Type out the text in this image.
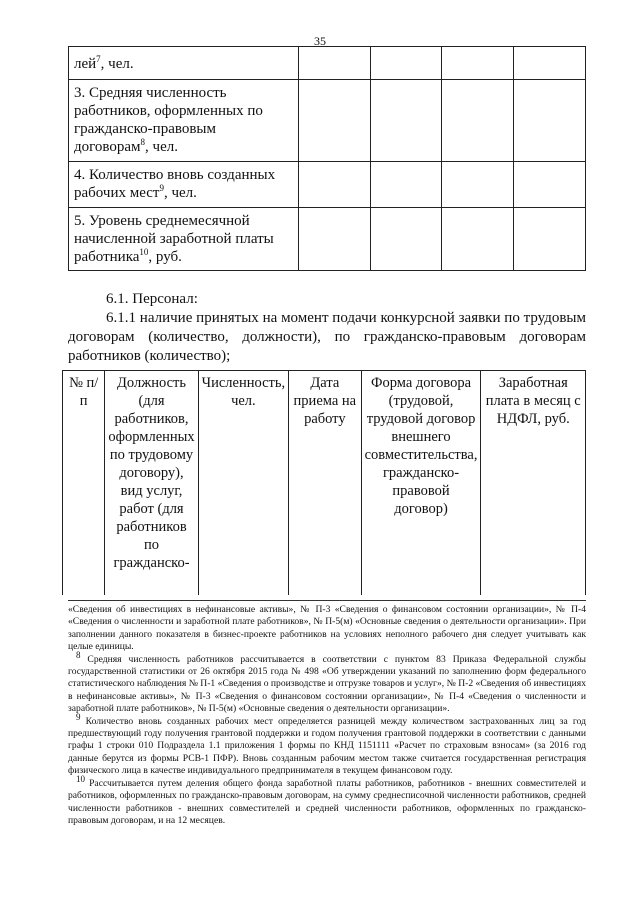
35
лей$^7$, чел.				
3. Средняя численность работников, оформленных по гражданско-правовым договорам$^8$, чел.				
4. Количество вновь созданных рабочих мест$^9$, чел.				
5. Уровень среднемесячной начисленной заработной платы работника$^{10}$, руб.				
6.1. Персонал:
6.1.1 наличие принятых на момент подачи конкурсной заявки по трудовым договорам (количество, должности), по гражданско-правовым договорам работников (количество);
№ п/п	Должность (для работников, оформленных по трудовому договору), вид услуг, работ (для работников по гражданско-	Численность, чел.	Дата приема на работу	Форма договора (трудовой, трудовой договор внешнего совместительства, гражданско-правовой договор)	Заработная плата в месяц с НДФЛ, руб.

«Сведения об инвестициях в нефинансовые активы», № П-3 «Сведения о финансовом состоянии организации», № П-4 «Сведения о численности и заработной плате работников», № П-5(м) «Основные сведения о деятельности организации». При заполнении данного показателя в бизнес-проекте работников на условиях неполного рабочего дня следует учитывать как целые единицы.

$^8$ Средняя численность работников рассчитывается в соответствии с пунктом 83 Приказа Федеральной службы государственной статистики от 26 октября 2015 года № 498 «Об утверждении указаний по заполнению форм федерального статистического наблюдения № П-1 «Сведения о производстве и отгрузке товаров и услуг», № П-2 «Сведения об инвестициях в нефинансовые активы», № П-3 «Сведения о финансовом состоянии организации», № П-4 «Сведения о численности и заработной плате работников», № П-5(м) «Основные сведения о деятельности организации».

$^9$ Количество вновь созданных рабочих мест определяется разницей между количеством застрахованных лиц за год предшествующий году получения грантовой поддержки и годом получения грантовой поддержки в соответствии с данными графы 1 строки 010 Подраздела 1.1 приложения 1 формы по КНД 1151111 «Расчет по страховым взносам» (за 2016 год данные берутся из формы РСВ-1 ПФР). Вновь созданным рабочим местом также считается государственная регистрация физического лица в качестве индивидуального предпринимателя в текущем финансовом году.

$^{10}$ Рассчитывается путем деления общего фонда заработной платы работников, работников - внешних совместителей и работников, оформленных по гражданско-правовым договорам, на сумму среднесписочной численности работников, средней численности работников - внешних совместителей и средней численности работников, оформленных по гражданско-правовым договорам, и на 12 месяцев.
